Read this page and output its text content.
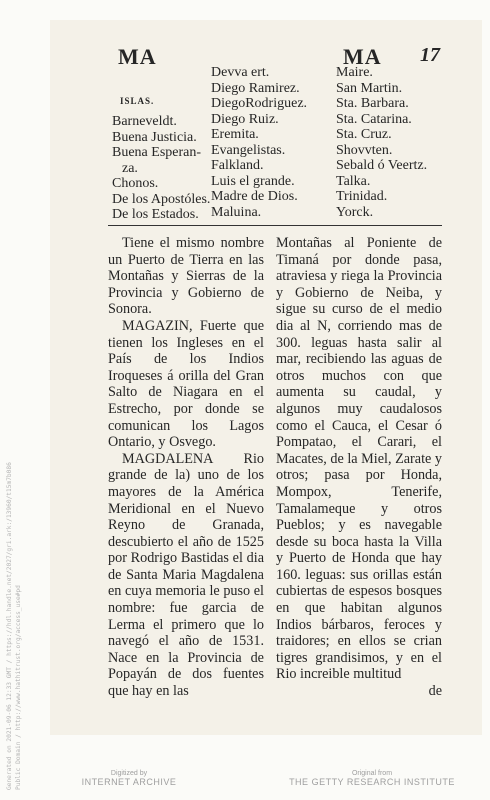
MA	MA 17
ISLAS.
Barneveldt.
Buena Justicia.
Buena Esperan-
za.
Chonos.
De los Apostóles.
De los Estados.
Devva ert.
Diego Ramirez.
DiegoRodriguez.
Diego Ruiz.
Eremita.
Evangelistas.
Falkland.
Luis el grande.
Madre de Dios.
Maluina.
Maire.
San Martin.
Sta. Barbara.
Sta. Catarina.
Sta. Cruz.
Shovvten.
Sebald ó Veertz.
Talka.
Trinidad.
Yorck.

Tiene el mismo nombre un Puerto de Tierra en las Montañas y Sierras de la Provincia y Gobierno de Sonora.

MAGAZIN, Fuerte que tienen los Ingleses en el País de los Indios Iroqueses á orilla del Gran Salto de Niagara en el Estrecho, por donde se comunican los Lagos Ontario, y Osvego.

MAGDALENA Rio grande de la) uno de los mayores de la América Meridional en el Nuevo Reyno de Granada, descubierto el año de 1525 por Rodrigo Bastidas el dia de Santa Maria Magdalena en cuya memoria le puso el nombre: fue garcia de Lerma el primero que lo navegó el año de 1531. Nace en la Provincia de Popayán de dos fuentes que hay en las

Montañas al Poniente de Timaná por donde pasa, atraviesa y riega la Provincia y Gobierno de Neiba, y sigue su curso de el medio dia al N, corriendo mas de 300. leguas hasta salir al mar, recibiendo las aguas de otros muchos con que aumenta su caudal, y algunos muy caudalosos como el Cauca, el Cesar ó Pompatao, el Carari, el Macates, de la Miel, Zarate y otros; pasa por Honda, Mompox, Tenerife, Tamalameque y otros Pueblos; y es navegable desde su boca hasta la Villa y Puerto de Honda que hay 160. leguas: sus orillas están cubiertas de espesos bosques en que habitan algunos Indios bárbaros, feroces y traidores; en ellos se crian tigres grandisimos, y en el Rio increible multitud

de

Generated on 2021-09-06 12:33 GMT / https://hdl.handle.net/2027/gri.ark:/13960/t15m7b086 Public Domain / http://www.hathitrust.org/access_use#pd	Digitized by
INTERNET ARCHIVE
Original from
THE GETTY RESEARCH INSTITUTE
